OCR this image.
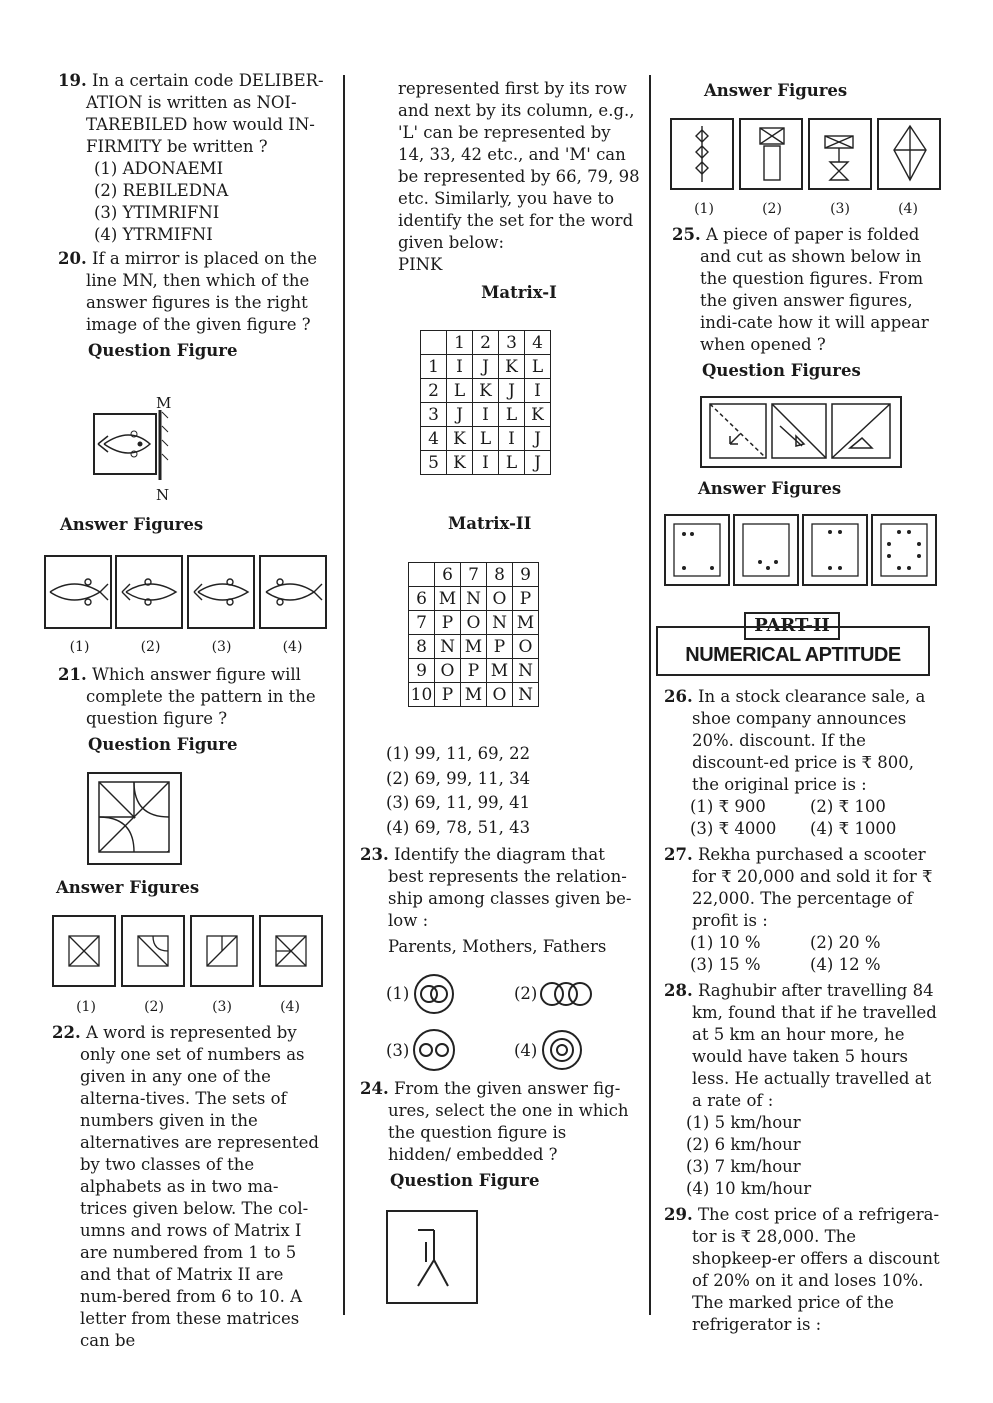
19. In a certain code DELIBER-ATION is written as NOI-TAREBILED how would IN-FIRMITY be written ?
(1) ADONAEMI
(2) REBILEDNA
(3) YTIMRIFNI
(4) YTRMIFNI
20. If a mirror is placed on the line MN, then which of the answer figures is the right image of the given figure ?
Question Figure
M
N
Answer Figures
(1)	(2)	(3)	(4)
21. Which answer figure will complete the pattern in the question figure ?
Question Figure
Answer Figures
(1)	(2)	(3)	(4)
22. A word is represented by only one set of numbers as given in any one of the alterna-tives. The sets of numbers given in the alternatives are represented by two classes of the alphabets as in two ma-trices given below. The col-umns and rows of Matrix I are numbered from 1 to 5 and that of Matrix II are num-bered from 6 to 10. A letter from these matrices can be
represented first by its row and next by its column, e.g., 'L' can be represented by 14, 33, 42 etc., and 'M' can be represented by 66, 79, 98 etc. Similarly, you have to identify the set for the word given below:
PINK
Matrix-I
	1	2	3	4
1	I	J	K	L
2	L	K	J	I
3	J	I	L	K
4	K	L	I	J
5	K	I	L	J
Matrix-II
	6	7	8	9
6	M	N	O	P
7	P	O	N	M
8	N	M	P	O
9	O	P	M	N
10	P	M	O	N
(1) 99, 11, 69, 22
(2) 69, 99, 11, 34
(3) 69, 11, 99, 41
(4) 69, 78, 51, 43
23. Identify the diagram that best represents the relation-ship among classes given be-low :
Parents, Mothers, Fathers
(1)	(2)
(3)	(4)
24. From the given answer fig-ures, select the one in which the question figure is hidden/ embedded ?
Question Figure
Answer Figures
(1)	(2)	(3)	(4)
25. A piece of paper is folded and cut as shown below in the question figures. From the given answer figures, indi-cate how it will appear when opened ?
Question Figures
Answer Figures
PART-II
NUMERICAL APTITUDE
26. In a stock clearance sale, a shoe company announces 20%. discount. If the discount-ed price is ₹ 800, the original price is :
(1) ₹ 900	(2) ₹ 100
(3) ₹ 4000	(4) ₹ 1000
27. Rekha purchased a scooter for ₹ 20,000 and sold it for ₹ 22,000. The percentage of profit is :
(1) 10 %	(2) 20 %
(3) 15 %	(4) 12 %
28. Raghubir after travelling 84 km, found that if he travelled at 5 km an hour more, he would have taken 5 hours less. He actually travelled at a rate of :
(1) 5 km/hour
(2) 6 km/hour
(3) 7 km/hour
(4) 10 km/hour
29. The cost price of a refrigera-tor is ₹ 28,000. The shopkeep-er offers a discount of 20% on it and loses 10%. The marked price of the refrigerator is :
